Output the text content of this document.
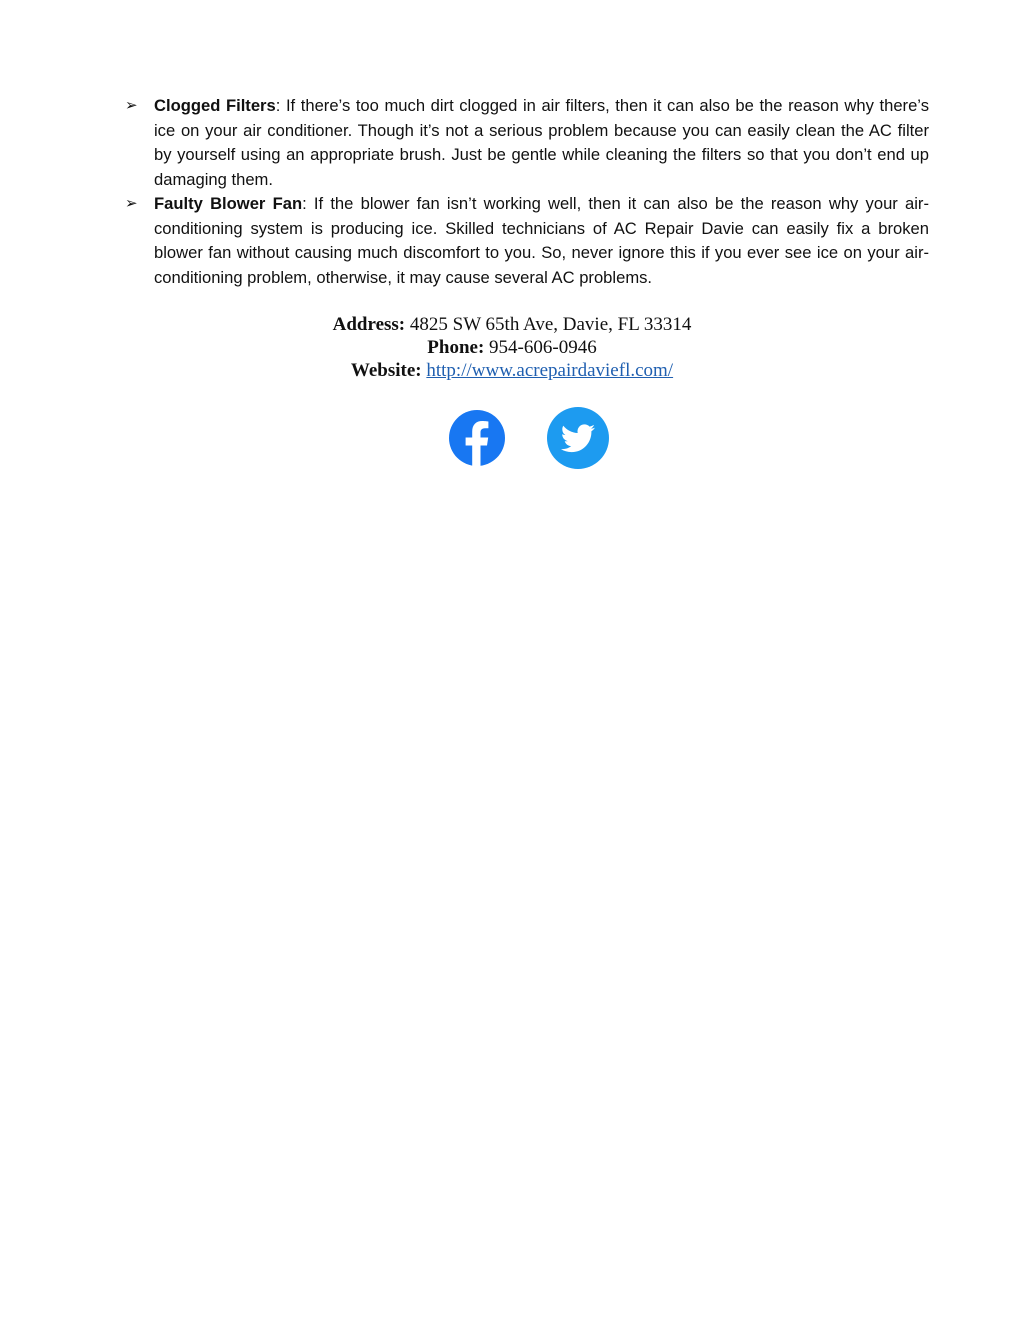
➢ Clogged Filters: If there’s too much dirt clogged in air filters, then it can also be the reason why there’s ice on your air conditioner. Though it’s not a serious problem because you can easily clean the AC filter by yourself using an appropriate brush. Just be gentle while cleaning the filters so that you don’t end up damaging them.
➢ Faulty Blower Fan: If the blower fan isn’t working well, then it can also be the reason why your air-conditioning system is producing ice. Skilled technicians of AC Repair Davie can easily fix a broken blower fan without causing much discomfort to you. So, never ignore this if you ever see ice on your air-conditioning problem, otherwise, it may cause several AC problems.
Address: 4825 SW 65th Ave, Davie, FL 33314
Phone: 954-606-0946
Website: http://www.acrepairdaviefl.com/
